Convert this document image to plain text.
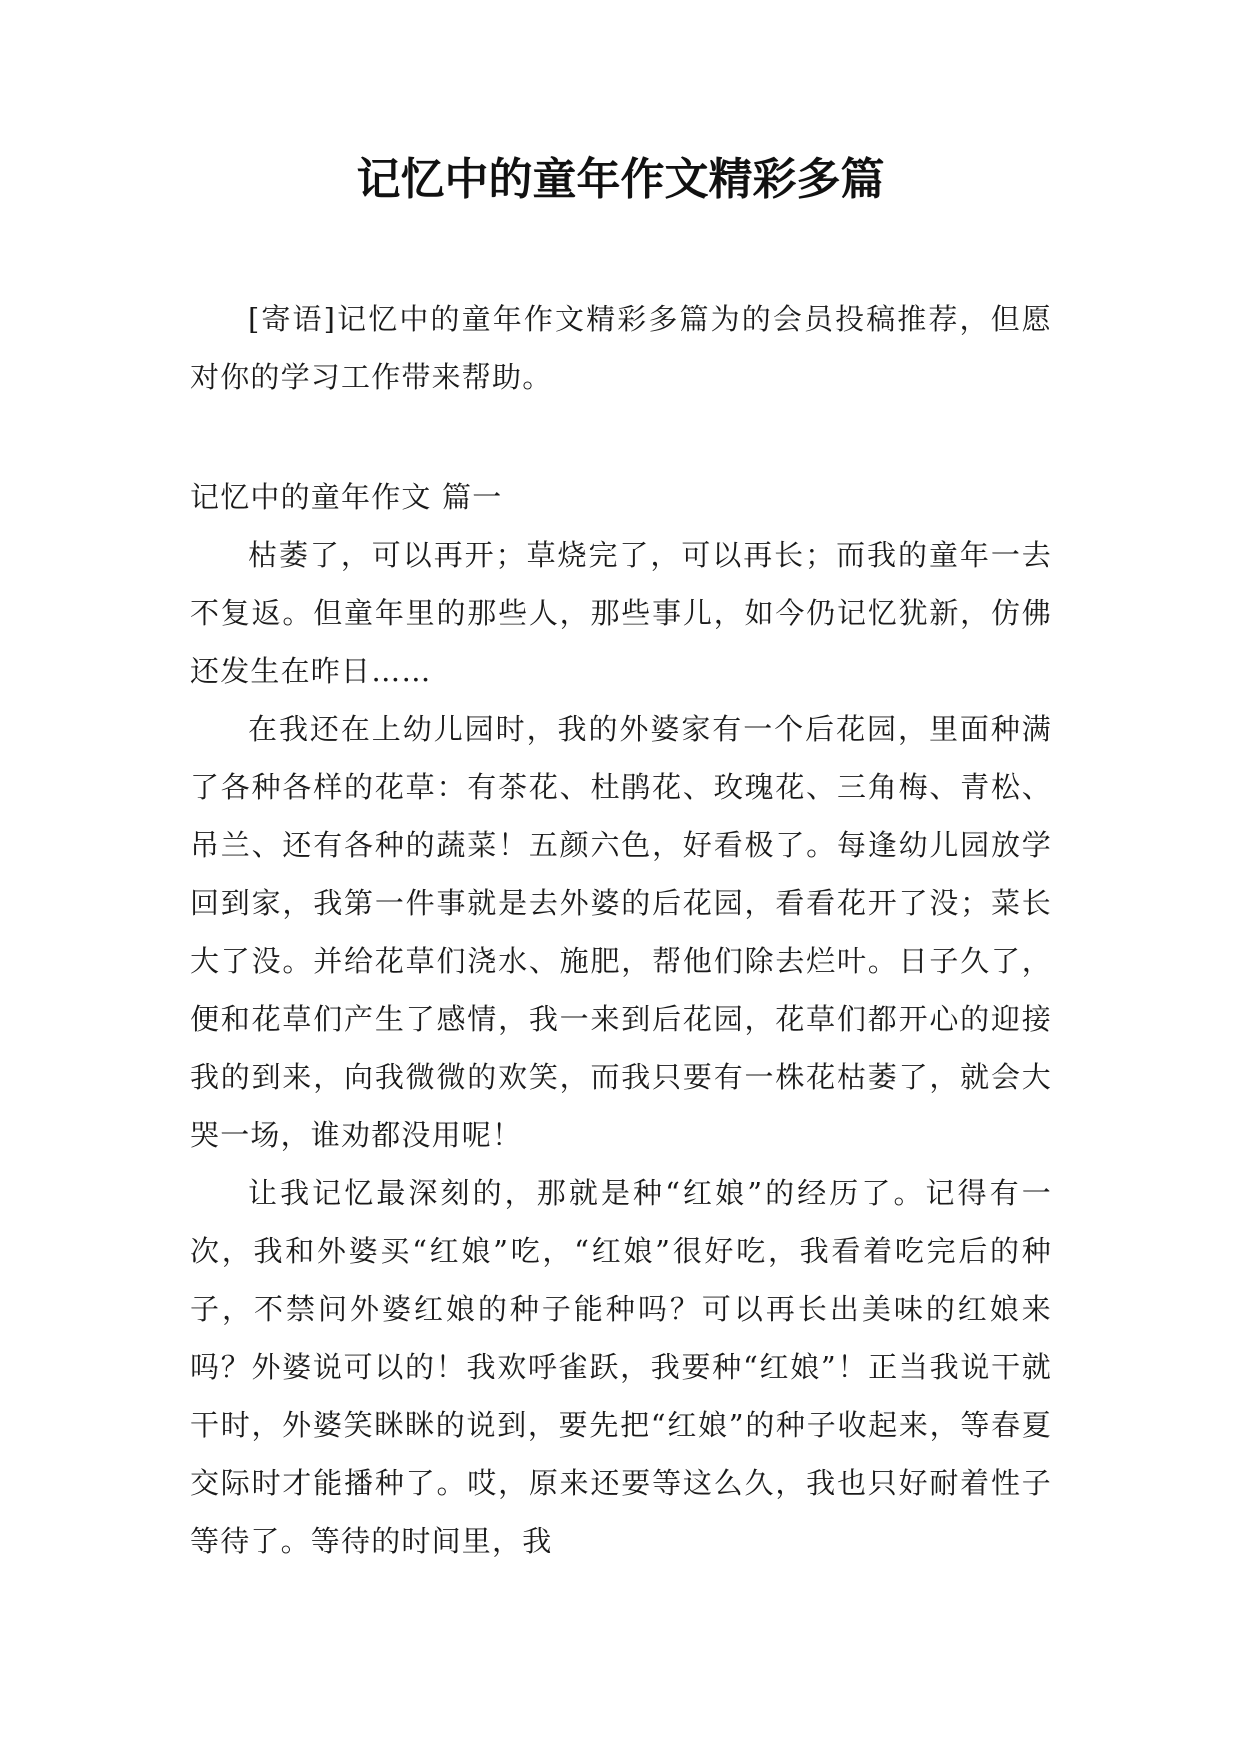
记忆中的童年作文精彩多篇

[寄语]记忆中的童年作文精彩多篇为的会员投稿推荐，但愿对你的学习工作带来帮助。

记忆中的童年作文 篇一

枯萎了，可以再开；草烧完了，可以再长；而我的童年一去不复返。但童年里的那些人，那些事儿，如今仍记忆犹新，仿佛还发生在昨日……

在我还在上幼儿园时，我的外婆家有一个后花园，里面种满了各种各样的花草：有茶花、杜鹃花、玫瑰花、三角梅、青松、吊兰、还有各种的蔬菜！五颜六色，好看极了。每逢幼儿园放学回到家，我第一件事就是去外婆的后花园，看看花开了没；菜长大了没。并给花草们浇水、施肥，帮他们除去烂叶。日子久了，便和花草们产生了感情，我一来到后花园，花草们都开心的迎接我的到来，向我微微的欢笑，而我只要有一株花枯萎了，就会大哭一场，谁劝都没用呢！

让我记忆最深刻的，那就是种“红娘”的经历了。记得有一次，我和外婆买“红娘”吃，“红娘”很好吃，我看着吃完后的种子，不禁问外婆红娘的种子能种吗？可以再长出美味的红娘来吗？外婆说可以的！我欢呼雀跃，我要种“红娘”！正当我说干就干时，外婆笑眯眯的说到，要先把“红娘”的种子收起来，等春夏交际时才能播种了。哎，原来还要等这么久，我也只好耐着性子等待了。等待的时间里，我
